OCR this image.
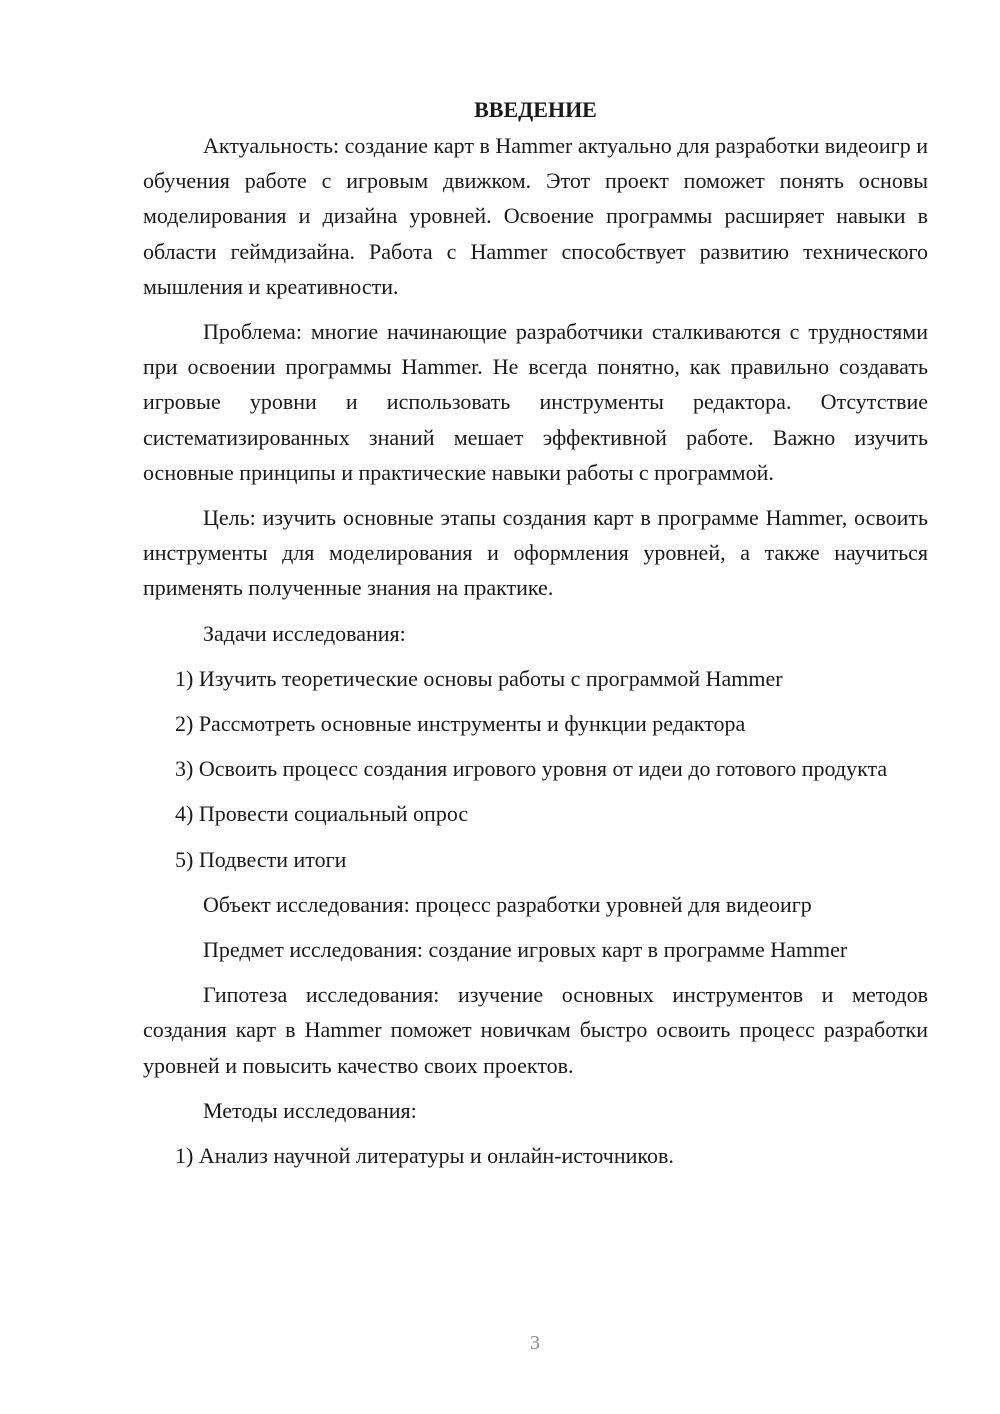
ВВЕДЕНИЕ

Актуальность: создание карт в Hammer актуально для разработки видеоигр и обучения работе с игровым движком. Этот проект поможет понять основы моделирования и дизайна уровней. Освоение программы расширяет навыки в области геймдизайна. Работа с Hammer способствует развитию технического мышления и креативности.

Проблема: многие начинающие разработчики сталкиваются с трудностями при освоении программы Hammer. Не всегда понятно, как правильно создавать игровые уровни и использовать инструменты редактора. Отсутствие систематизированных знаний мешает эффективной работе. Важно изучить основные принципы и практические навыки работы с программой.

Цель: изучить основные этапы создания карт в программе Hammer, освоить инструменты для моделирования и оформления уровней, а также научиться применять полученные знания на практике.

Задачи исследования:

1) Изучить теоретические основы работы с программой Hammer

2) Рассмотреть основные инструменты и функции редактора

3) Освоить процесс создания игрового уровня от идеи до готового продукта

4) Провести социальный опрос

5) Подвести итоги

Объект исследования: процесс разработки уровней для видеоигр

Предмет исследования: создание игровых карт в программе Hammer

Гипотеза исследования: изучение основных инструментов и методов создания карт в Hammer поможет новичкам быстро освоить процесс разработки уровней и повысить качество своих проектов.

Методы исследования:

1) Анализ научной литературы и онлайн-источников.

3
